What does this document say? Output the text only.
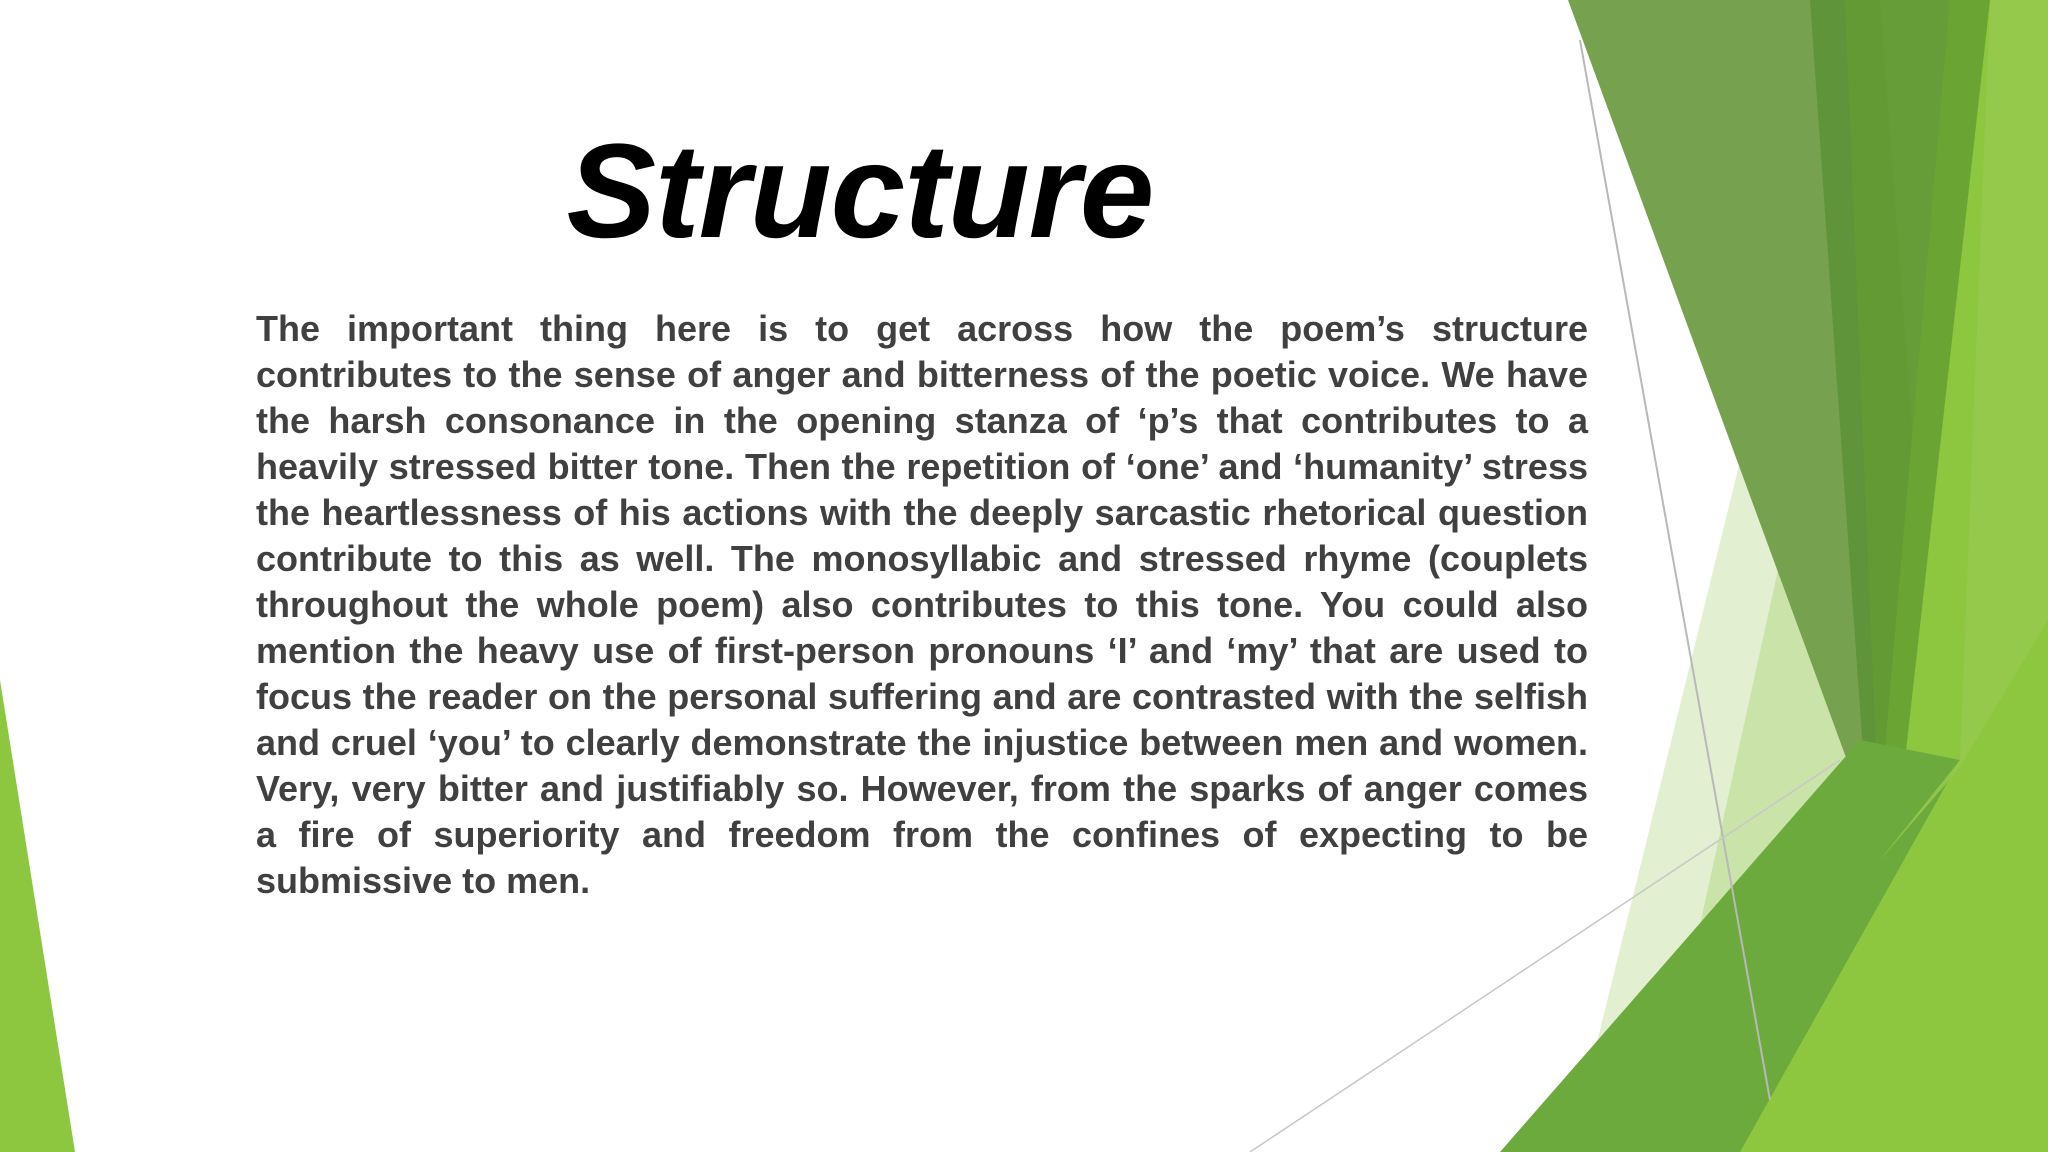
Structure

The important thing here is to get across how the poem’s structure contributes to the sense of anger and bitterness of the poetic voice. We have the harsh consonance in the opening stanza of ‘p’s that contributes to a heavily stressed bitter tone. Then the repetition of ‘one’ and ‘humanity’ stress the heartlessness of his actions with the deeply sarcastic rhetorical question contribute to this as well. The monosyllabic and stressed rhyme (couplets throughout the whole poem) also contributes to this tone. You could also mention the heavy use of first-person pronouns ‘I’ and ‘my’ that are used to focus the reader on the personal suffering and are contrasted with the selfish and cruel ‘you’ to clearly demonstrate the injustice between men and women. Very, very bitter and justifiably so. However, from the sparks of anger comes a fire of superiority and freedom from the confines of expecting to be submissive to men.
